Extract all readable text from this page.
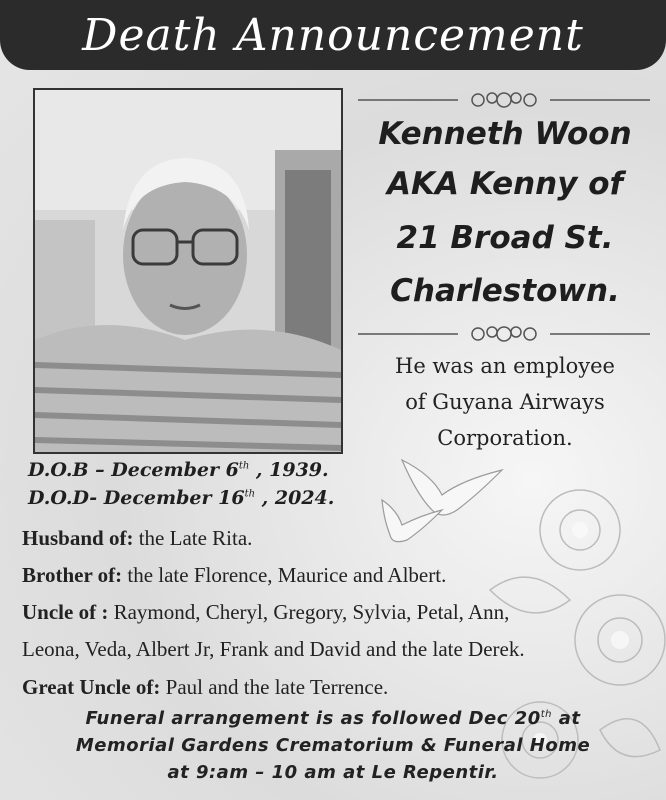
Death Announcement
Kenneth Woon
AKA Kenny of
21 Broad St.
Charlestown.
He was an employee
of Guyana Airways
Corporation.
D.O.B – December 6th , 1939.
D.O.D- December 16th , 2024.
Husband of: the Late Rita.
Brother of: the late Florence, Maurice and Albert.
Uncle of : Raymond, Cheryl, Gregory, Sylvia, Petal, Ann,
Leona, Veda, Albert Jr, Frank and David and the late Derek.
Great Uncle of: Paul and the late Terrence.
Funeral arrangement is as followed Dec 20th at
Memorial Gardens Crematorium & Funeral Home
at 9:am – 10 am at Le Repentir.
